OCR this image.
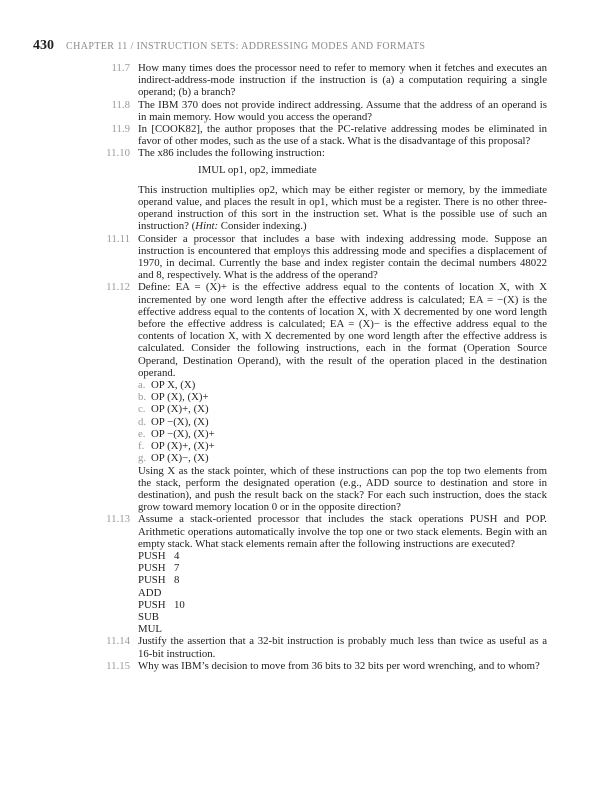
430 CHAPTER 11 / INSTRUCTION SETS: ADDRESSING MODES AND FORMATS
11.7 How many times does the processor need to refer to memory when it fetches and executes an indirect-address-mode instruction if the instruction is (a) a computation requiring a single operand; (b) a branch?

11.8 The IBM 370 does not provide indirect addressing. Assume that the address of an operand is in main memory. How would you access the operand?

11.9 In [COOK82], the author proposes that the PC-relative addressing modes be eliminated in favor of other modes, such as the use of a stack. What is the disadvantage of this proposal?

11.10 The x86 includes the following instruction:

IMUL op1, op2, immediate

This instruction multiplies op2, which may be either register or memory, by the immediate operand value, and places the result in op1, which must be a register. There is no other three-operand instruction of this sort in the instruction set. What is the possible use of such an instruction? (Hint: Consider indexing.)

11.11 Consider a processor that includes a base with indexing addressing mode. Suppose an instruction is encountered that employs this addressing mode and specifies a displacement of 1970, in decimal. Currently the base and index register contain the decimal numbers 48022 and 8, respectively. What is the address of the operand?

11.12 Define: EA = (X)+ is the effective address equal to the contents of location X, with X incremented by one word length after the effective address is calculated; EA = −(X) is the effective address equal to the contents of location X, with X decremented by one word length before the effective address is calculated; EA = (X)− is the effective address equal to the contents of location X, with X decremented by one word length after the effective address is calculated. Consider the following instructions, each in the format (Operation Source Operand, Destination Operand), with the result of the operation placed in the destination operand.

a. OP X, (X)
b. OP (X), (X)+
c. OP (X)+, (X)
d. OP −(X), (X)
e. OP −(X), (X)+
f. OP (X)+, (X)+
g. OP (X)−, (X)

Using X as the stack pointer, which of these instructions can pop the top two elements from the stack, perform the designated operation (e.g., ADD source to destination and store in destination), and push the result back on the stack? For each such instruction, does the stack grow toward memory location 0 or in the opposite direction?

11.13 Assume a stack-oriented processor that includes the stack operations PUSH and POP. Arithmetic operations automatically involve the top one or two stack elements. Begin with an empty stack. What stack elements remain after the following instructions are executed?

PUSH 4
PUSH 7
PUSH 8
ADD
PUSH 10
SUB
MUL
11.14 Justify the assertion that a 32-bit instruction is probably much less than twice as useful as a 16-bit instruction.

11.15 Why was IBM’s decision to move from 36 bits to 32 bits per word wrenching, and to whom?
